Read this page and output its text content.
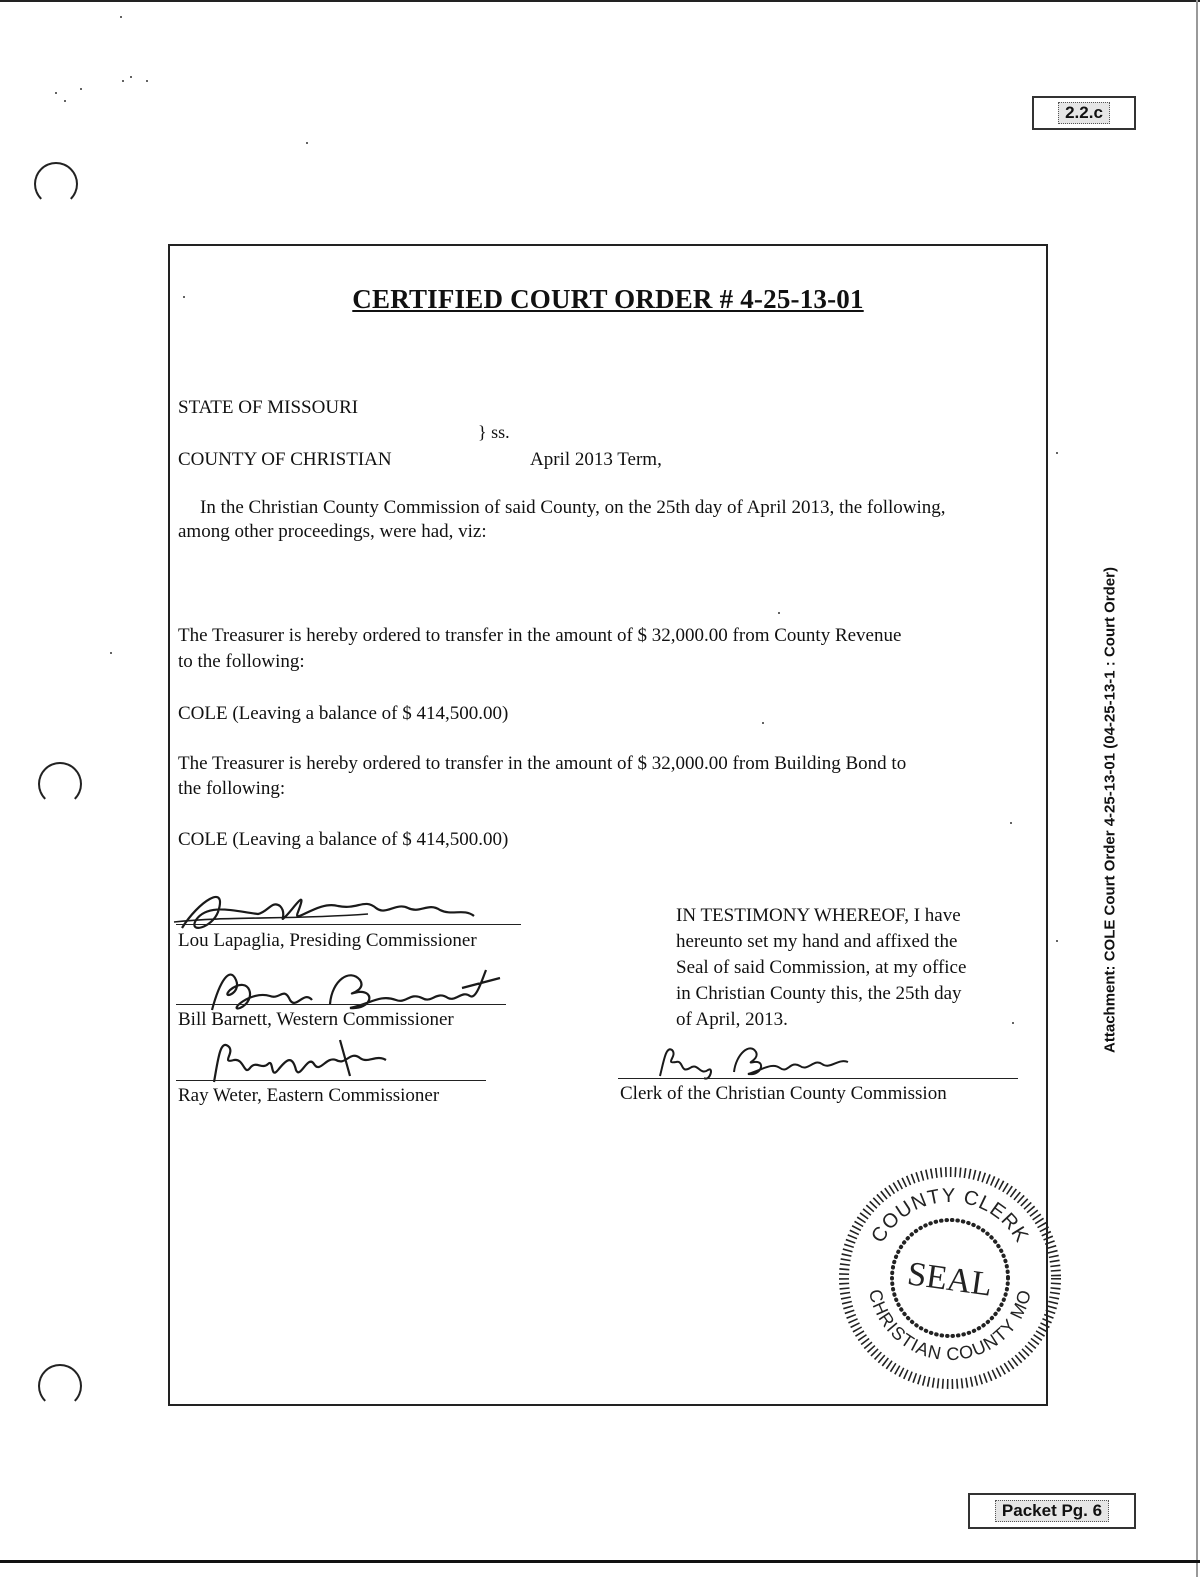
2.2.c
CERTIFIED COURT ORDER # 4-25-13-01
STATE OF MISSOURI
} ss.
COUNTY OF CHRISTIAN	April 2013 Term,
In the Christian County Commission of said County, on the 25th day of April 2013, the following, among other proceedings, were had, viz:
The Treasurer is hereby ordered to transfer in the amount of $ 32,000.00 from County Revenue
to the following:
COLE (Leaving a balance of $ 414,500.00)
The Treasurer is hereby ordered to transfer in the amount of $ 32,000.00 from Building Bond to
the following:
COLE (Leaving a balance of $ 414,500.00)
Lou Lapaglia, Presiding Commissioner
Bill Barnett, Western Commissioner
Ray Weter, Eastern Commissioner
IN TESTIMONY WHEREOF, I have
hereunto set my hand and affixed the
Seal of said Commission, at my office
in Christian County this, the 25th day
of April, 2013.
Clerk of the Christian County Commission
COUNTY CLERK
CHRISTIAN COUNTY MO
SEAL
Attachment: COLE Court Order 4-25-13-01 (04-25-13-1 : Court Order)
Packet Pg. 6
